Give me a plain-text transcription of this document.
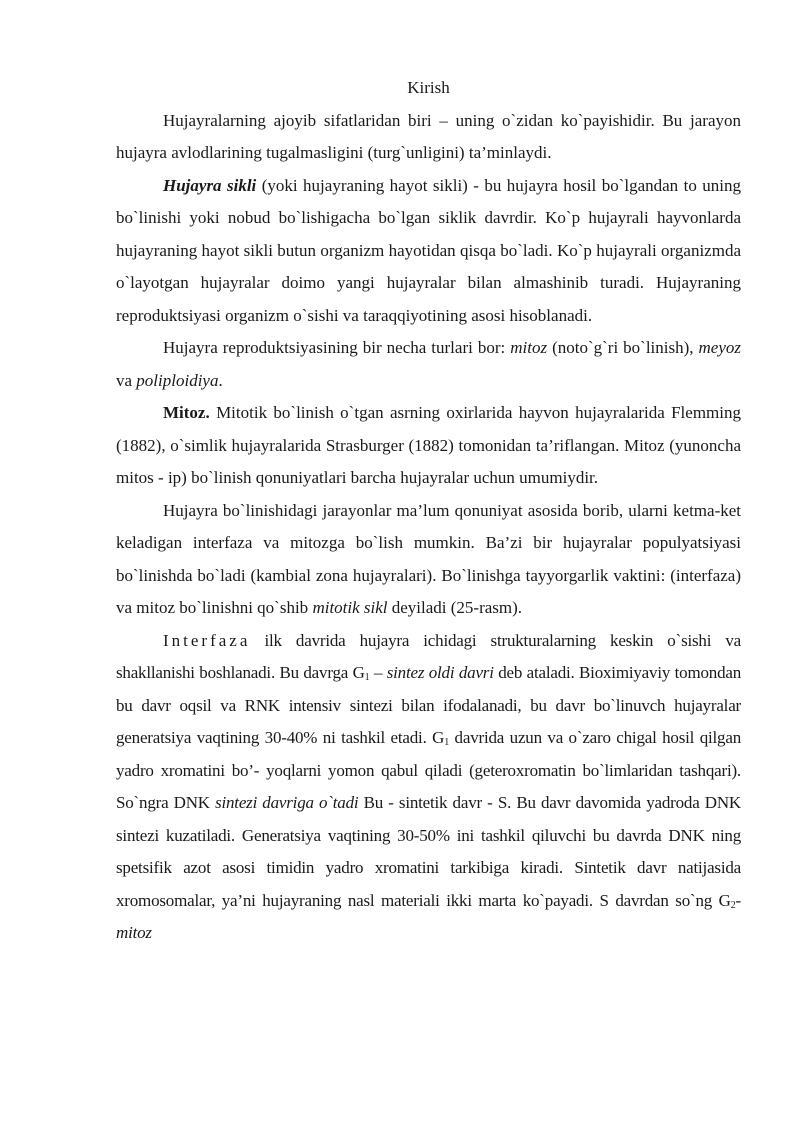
Kirish

Hujayralarning ajoyib sifatlaridan biri – uning o`zidan ko`payishidir. Bu jarayon hujayra avlodlarining tugalmasligini (turg`unligini) ta’minlaydi.

Hujayra sikli (yoki hujayraning hayot sikli) - bu hujayra hosil bo`lgandan to uning bo`linishi yoki nobud bo`lishigacha bo`lgan siklik davrdir. Ko`p hujayrali hayvonlarda hujayraning hayot sikli butun organizm hayotidan qisqa bo`ladi. Ko`p hujayrali organizmda o`layotgan hujayralar doimo yangi hujayralar bilan almashinib turadi. Hujayraning reproduktsiyasi organizm o`sishi va taraqqiyotining asosi hisoblanadi.

Hujayra reproduktsiyasining bir necha turlari bor: mitoz (noto`g`ri bo`linish), meyoz va poliploidiya.

Mitoz. Mitotik bo`linish o`tgan asrning oxirlarida hayvon hujayralarida Flemming (1882), o`simlik hujayralarida Strasburger (1882) tomonidan ta’riflangan. Mitoz (yunoncha mitos - ip) bo`linish qonuniyatlari barcha hujayralar uchun umumiydir.

Hujayra bo`linishidagi jarayonlar ma’lum qonuniyat asosida borib, ularni ketma-ket keladigan interfaza va mitozga bo`lish mumkin. Ba’zi bir hujayralar populyatsiyasi bo`linishda bo`ladi (kambial zona hujayralari). Bo`linishga tayyorgarlik vaktini: (interfaza) va mitoz bo`linishni qo`shib mitotik sikl deyiladi (25-rasm).

Interfaza ilk davrida hujayra ichidagi strukturalarning keskin o`sishi va shakllanishi boshlanadi. Bu davrga $G_1$ – sintez oldi davri deb ataladi. Bioximiyaviy tomondan bu davr oqsil va RNK intensiv sintezi bilan ifodalanadi, bu davr bo`linuvch hujayralar generatsiya vaqtining 30-40% ni tashkil etadi. $G_1$ davrida uzun va o`zaro chigal hosil qilgan yadro xromatini bo’- yoqlarni yomon qabul qiladi (geteroxromatin bo`limlaridan tashqari). So`ngra DNK sintezi davriga o`tadi Bu - sintetik davr - S. Bu davr davomida yadroda DNK sintezi kuzatiladi. Generatsiya vaqtining 30-50% ini tashkil qiluvchi bu davrda DNK ning spetsifik azot asosi timidin yadro xromatini tarkibiga kiradi. Sintetik davr natijasida xromosomalar, ya’ni hujayraning nasl materiali ikki marta ko`payadi. S davrdan so`ng $G_2-$ mitoz
